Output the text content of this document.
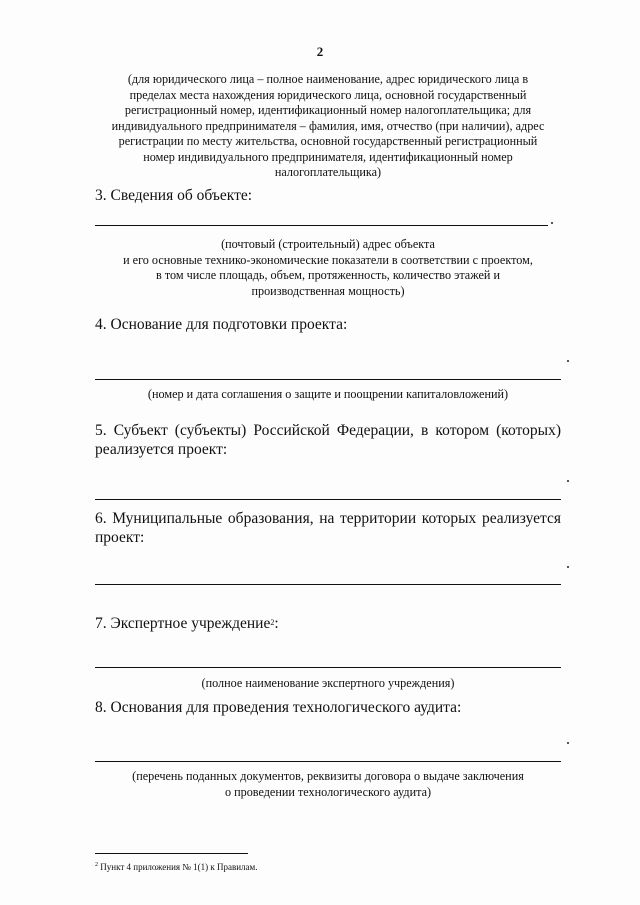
2
(для юридического лица – полное наименование, адрес юридического лица в
пределах места нахождения юридического лица, основной государственный
регистрационный номер, идентификационный номер налогоплательщика; для
индивидуального предпринимателя – фамилия, имя, отчество (при наличии), адрес
регистрации по месту жительства, основной государственный регистрационный
номер индивидуального предпринимателя, идентификационный номер
налогоплательщика)
3. Сведения об объекте:
(почтовый (строительный) адрес объекта
и его основные технико-экономические показатели в соответствии с проектом,
в том числе площадь, объем, протяженность, количество этажей и
производственная мощность)
4. Основание для подготовки проекта:
(номер и дата соглашения о защите и поощрении капиталовложений)
5. Субъект (субъекты) Российской Федерации, в котором (которых) реализуется проект:
6. Муниципальные образования, на территории которых реализуется проект:
7. Экспертное учреждение$^2$:
(полное наименование экспертного учреждения)
8. Основания для проведения технологического аудита:
(перечень поданных документов, реквизиты договора о выдаче заключения
о проведении технологического аудита)
$^2$ Пункт 4 приложения № 1(1) к Правилам.
